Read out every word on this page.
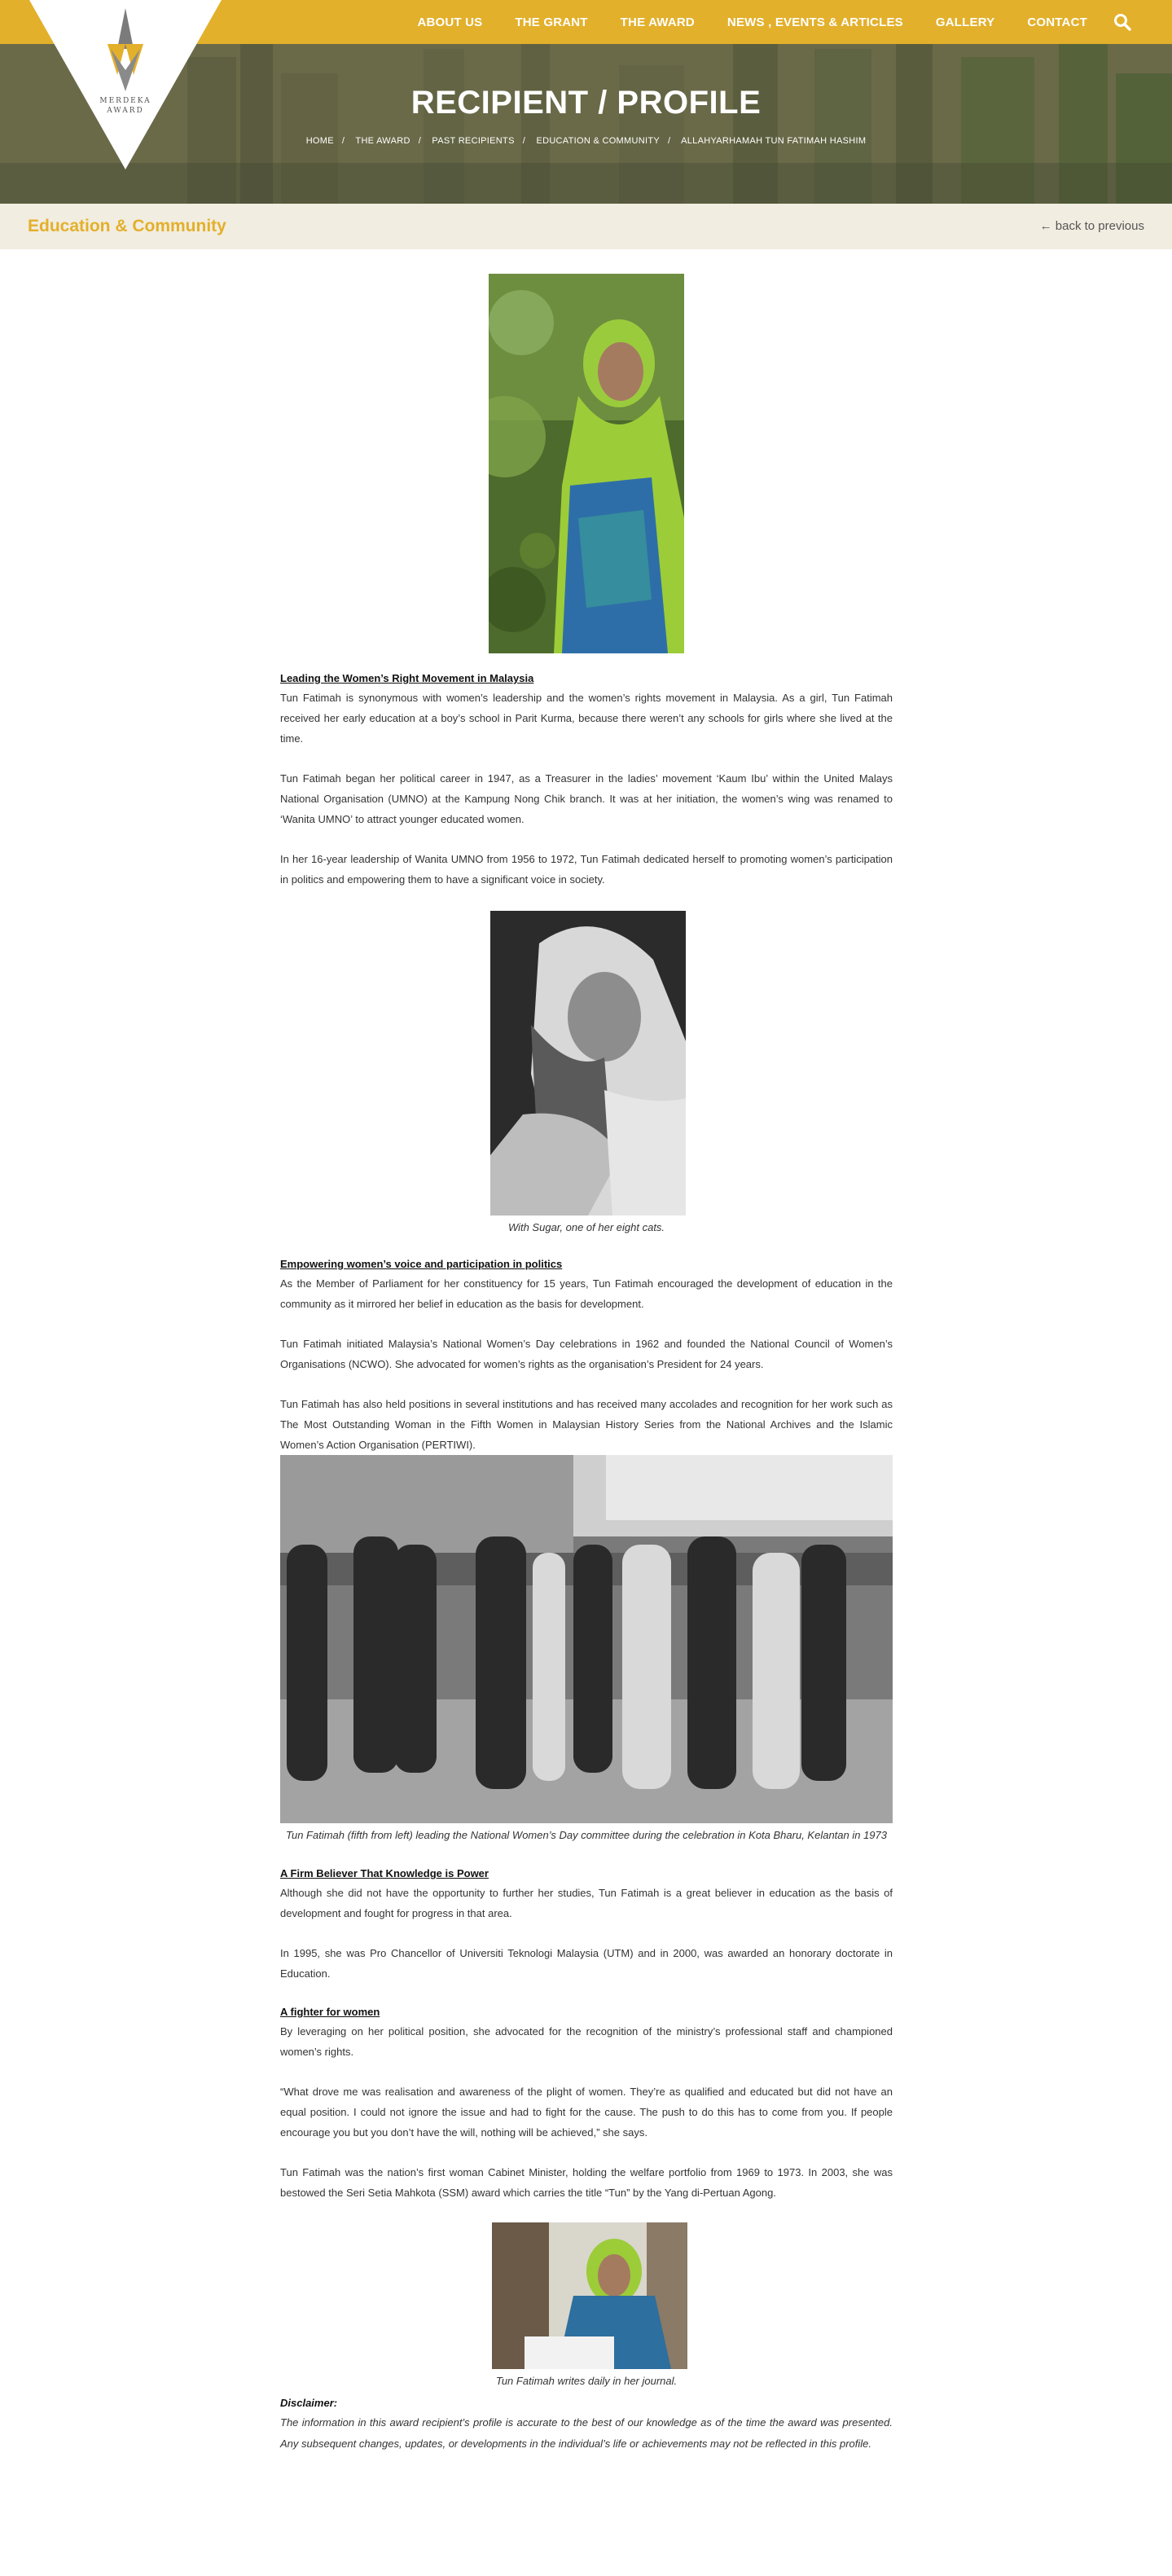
MERDEKA
AWARD
ABOUT US	THE GRANT	THE AWARD	NEWS , EVENTS & ARTICLES	GALLERY	CONTACT
RECIPIENT / PROFILE
HOME / THE AWARD / PAST RECIPIENTS / EDUCATION & COMMUNITY / ALLAHYARHAMAH TUN FATIMAH HASHIM
Education & Community	← back to previous

Leading the Women’s Right Movement in Malaysia

Tun Fatimah is synonymous with women’s leadership and the women’s rights movement in Malaysia. As a girl, Tun Fatimah received her early education at a boy’s school in Parit Kurma, because there weren’t any schools for girls where she lived at the time.

Tun Fatimah began her political career in 1947, as a Treasurer in the ladies’ movement ‘Kaum Ibu’ within the United Malays National Organisation (UMNO) at the Kampung Nong Chik branch. It was at her initiation, the women’s wing was renamed to ‘Wanita UMNO’ to attract younger educated women.

In her 16-year leadership of Wanita UMNO from 1956 to 1972, Tun Fatimah dedicated herself to promoting women’s participation in politics and empowering them to have a significant voice in society.

With Sugar, one of her eight cats.

Empowering women’s voice and participation in politics

As the Member of Parliament for her constituency for 15 years, Tun Fatimah encouraged the development of education in the community as it mirrored her belief in education as the basis for development.

Tun Fatimah initiated Malaysia’s National Women’s Day celebrations in 1962 and founded the National Council of Women’s Organisations (NCWO). She advocated for women’s rights as the organisation’s President for 24 years.

Tun Fatimah has also held positions in several institutions and has received many accolades and recognition for her work such as The Most Outstanding Woman in the Fifth Women in Malaysian History Series from the National Archives and the Islamic Women’s Action Organisation (PERTIWI).

Tun Fatimah (fifth from left) leading the National Women’s Day committee during the celebration in Kota Bharu, Kelantan in 1973

A Firm Believer That Knowledge is Power

Although she did not have the opportunity to further her studies, Tun Fatimah is a great believer in education as the basis of development and fought for progress in that area.

In 1995, she was Pro Chancellor of Universiti Teknologi Malaysia (UTM) and in 2000, was awarded an honorary doctorate in Education.

A fighter for women

By leveraging on her political position, she advocated for the recognition of the ministry’s professional staff and championed women’s rights.

“What drove me was realisation and awareness of the plight of women. They’re as qualified and educated but did not have an equal position. I could not ignore the issue and had to fight for the cause. The push to do this has to come from you. If people encourage you but you don’t have the will, nothing will be achieved,” she says.

Tun Fatimah was the nation’s first woman Cabinet Minister, holding the welfare portfolio from 1969 to 1973. In 2003, she was bestowed the Seri Setia Mahkota (SSM) award which carries the title “Tun” by the Yang di-Pertuan Agong.

Tun Fatimah writes daily in her journal.

Disclaimer:

The information in this award recipient’s profile is accurate to the best of our knowledge as of the time the award was presented. Any subsequent changes, updates, or developments in the individual’s life or achievements may not be reflected in this profile.
